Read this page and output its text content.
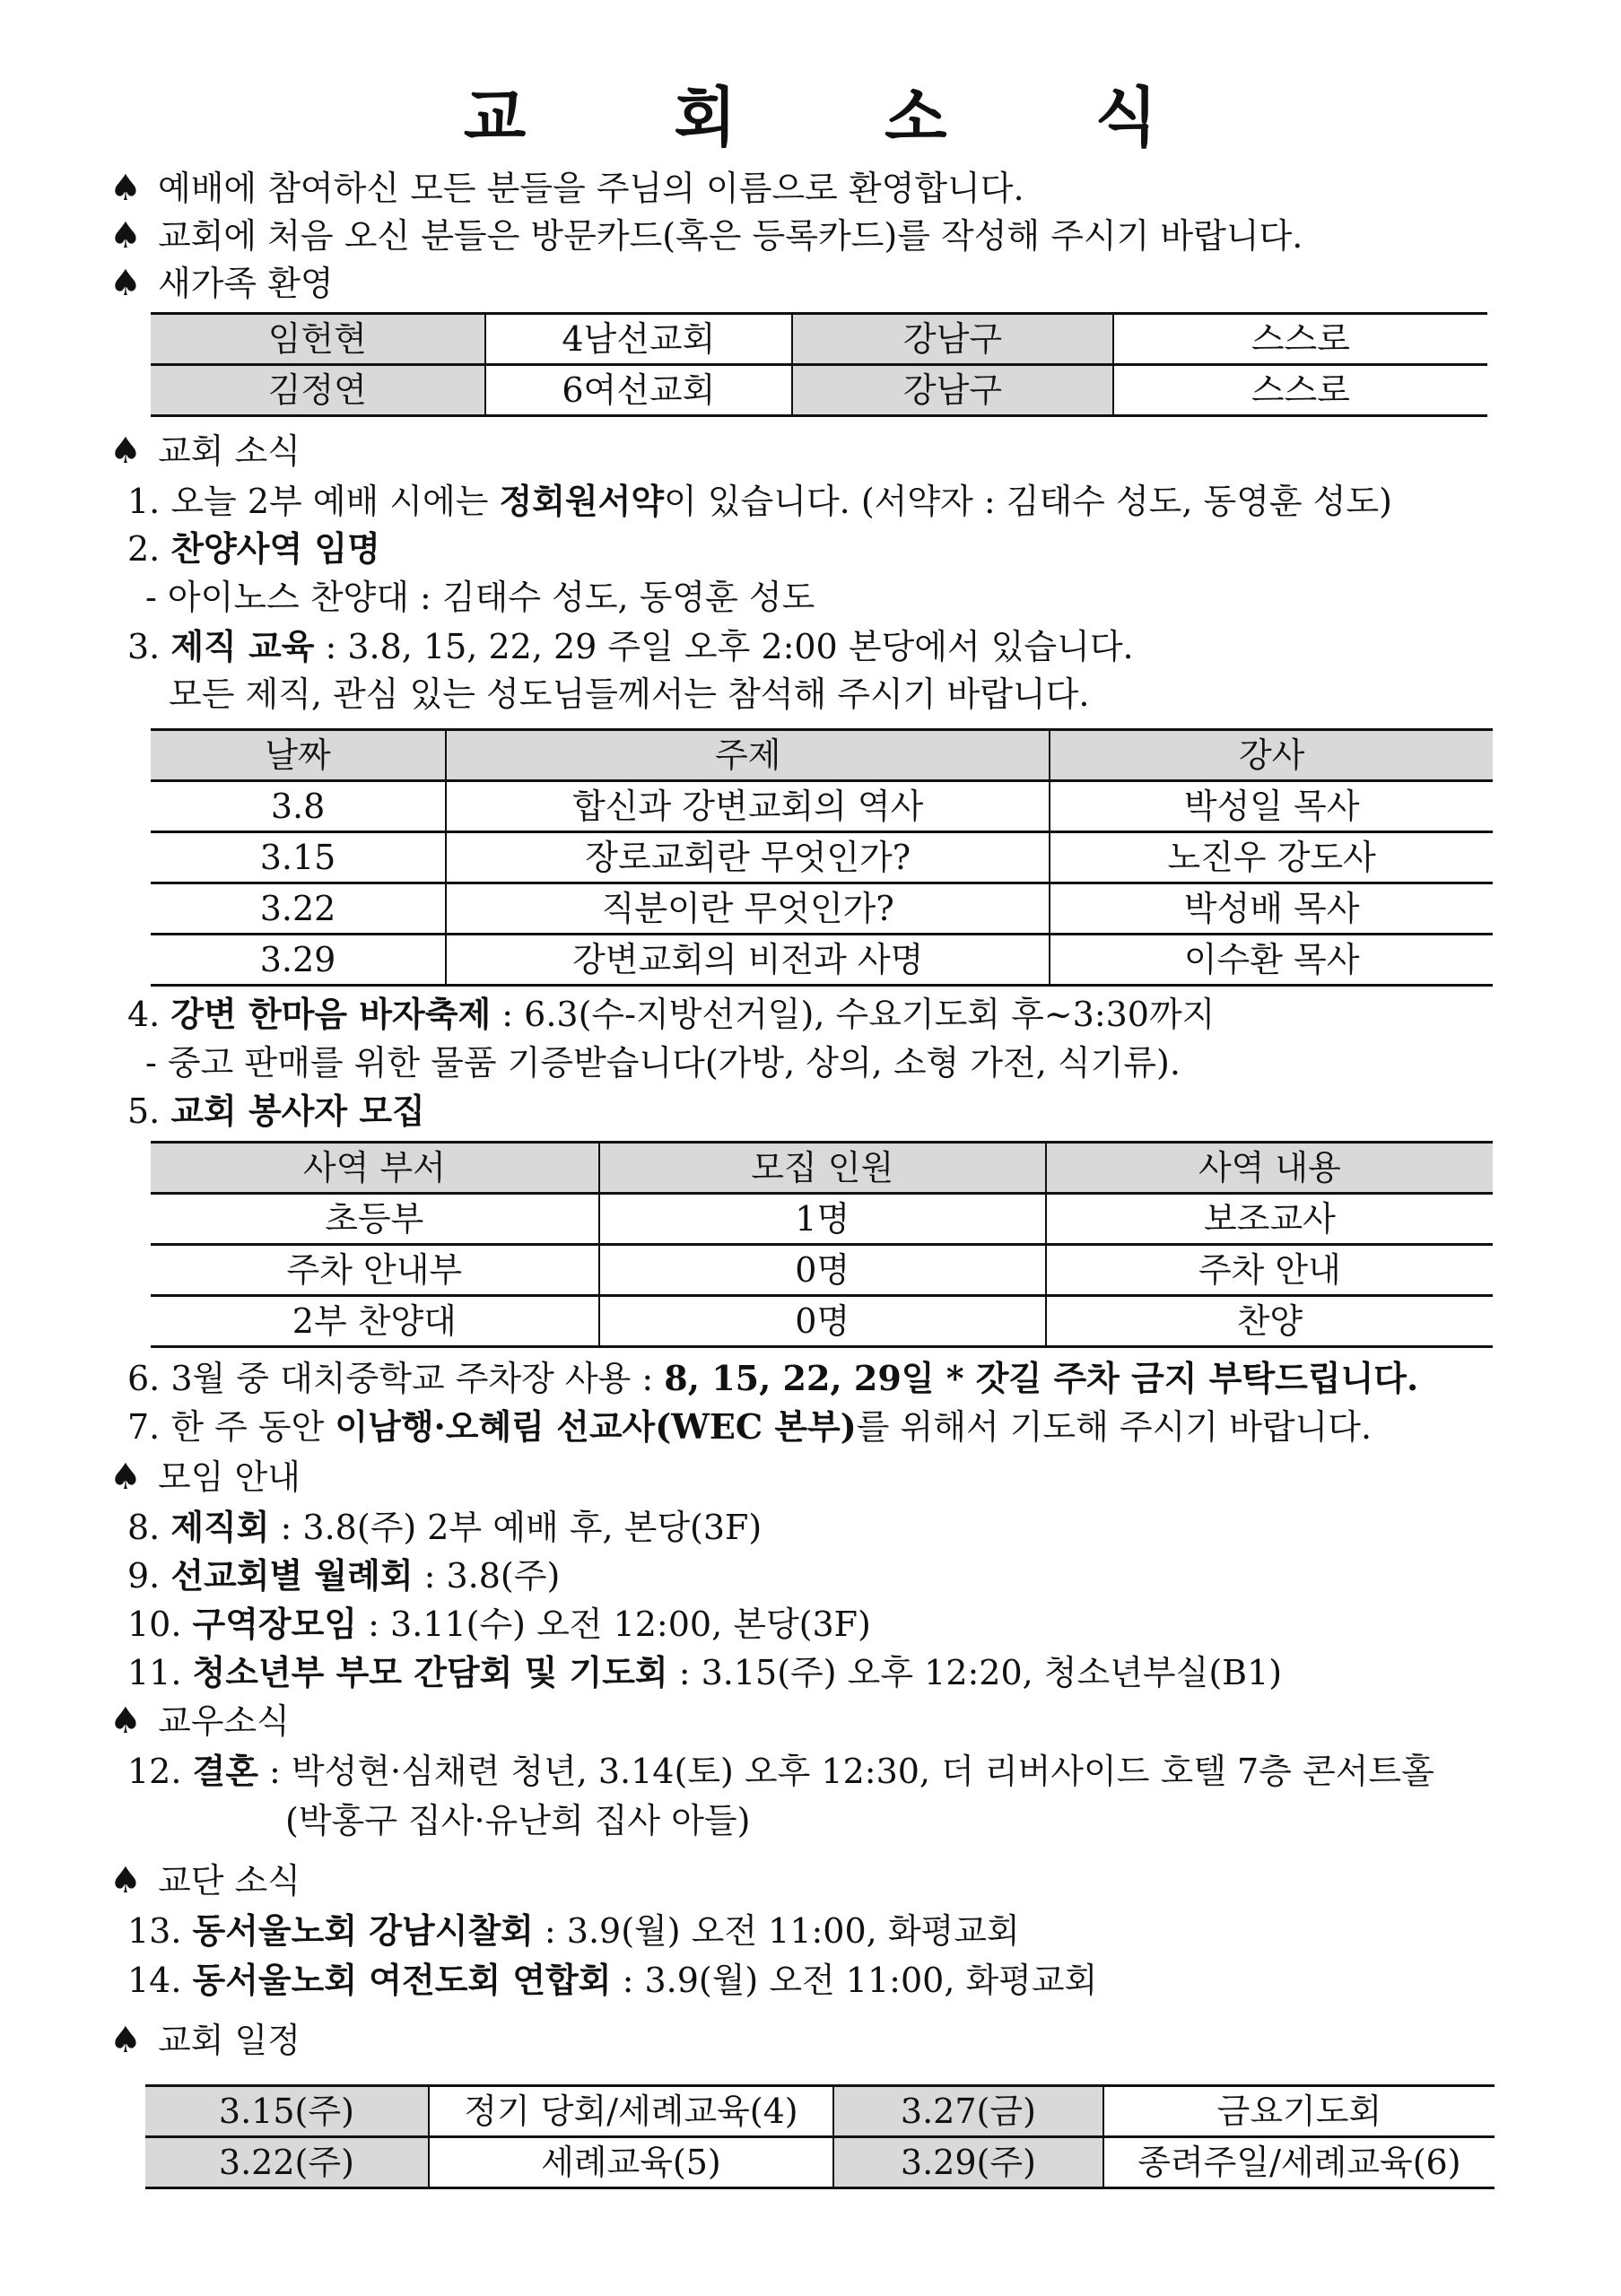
교 회 소 식
♠ 예배에 참여하신 모든 분들을 주님의 이름으로 환영합니다.
♠ 교회에 처음 오신 분들은 방문카드(혹은 등록카드)를 작성해 주시기 바랍니다.
♠ 새가족 환영
임헌현	4남선교회	강남구	스스로
김정연	6여선교회	강남구	스스로
♠ 교회 소식
1. 오늘 2부 예배 시에는 정회원서약이 있습니다. (서약자 : 김태수 성도, 동영훈 성도)
2. 찬양사역 임명
- 아이노스 찬양대 : 김태수 성도, 동영훈 성도
3. 제직 교육 : 3.8, 15, 22, 29 주일 오후 2:00 본당에서 있습니다.
모든 제직, 관심 있는 성도님들께서는 참석해 주시기 바랍니다.
날짜	주제	강사
3.8	합신과 강변교회의 역사	박성일 목사
3.15	장로교회란 무엇인가?	노진우 강도사
3.22	직분이란 무엇인가?	박성배 목사
3.29	강변교회의 비전과 사명	이수환 목사
4. 강변 한마음 바자축제 : 6.3(수-지방선거일), 수요기도회 후~3:30까지
- 중고 판매를 위한 물품 기증받습니다(가방, 상의, 소형 가전, 식기류).
5. 교회 봉사자 모집
사역 부서	모집 인원	사역 내용
초등부	1명	보조교사
주차 안내부	0명	주차 안내
2부 찬양대	0명	찬양
6. 3월 중 대치중학교 주차장 사용 : 8, 15, 22, 29일 * 갓길 주차 금지 부탁드립니다.
7. 한 주 동안 이남행·오혜림 선교사(WEC 본부)를 위해서 기도해 주시기 바랍니다.
♠ 모임 안내
8. 제직회 : 3.8(주) 2부 예배 후, 본당(3F)
9. 선교회별 월례회 : 3.8(주)
10. 구역장모임 : 3.11(수) 오전 12:00, 본당(3F)
11. 청소년부 부모 간담회 및 기도회 : 3.15(주) 오후 12:20, 청소년부실(B1)
♠ 교우소식
12. 결혼 : 박성현·심채련 청년, 3.14(토) 오후 12:30, 더 리버사이드 호텔 7층 콘서트홀
(박홍구 집사·유난희 집사 아들)
♠ 교단 소식
13. 동서울노회 강남시찰회 : 3.9(월) 오전 11:00, 화평교회
14. 동서울노회 여전도회 연합회 : 3.9(월) 오전 11:00, 화평교회
♠ 교회 일정
3.15(주)	정기 당회/세례교육(4)	3.27(금)	금요기도회
3.22(주)	세례교육(5)	3.29(주)	종려주일/세례교육(6)
